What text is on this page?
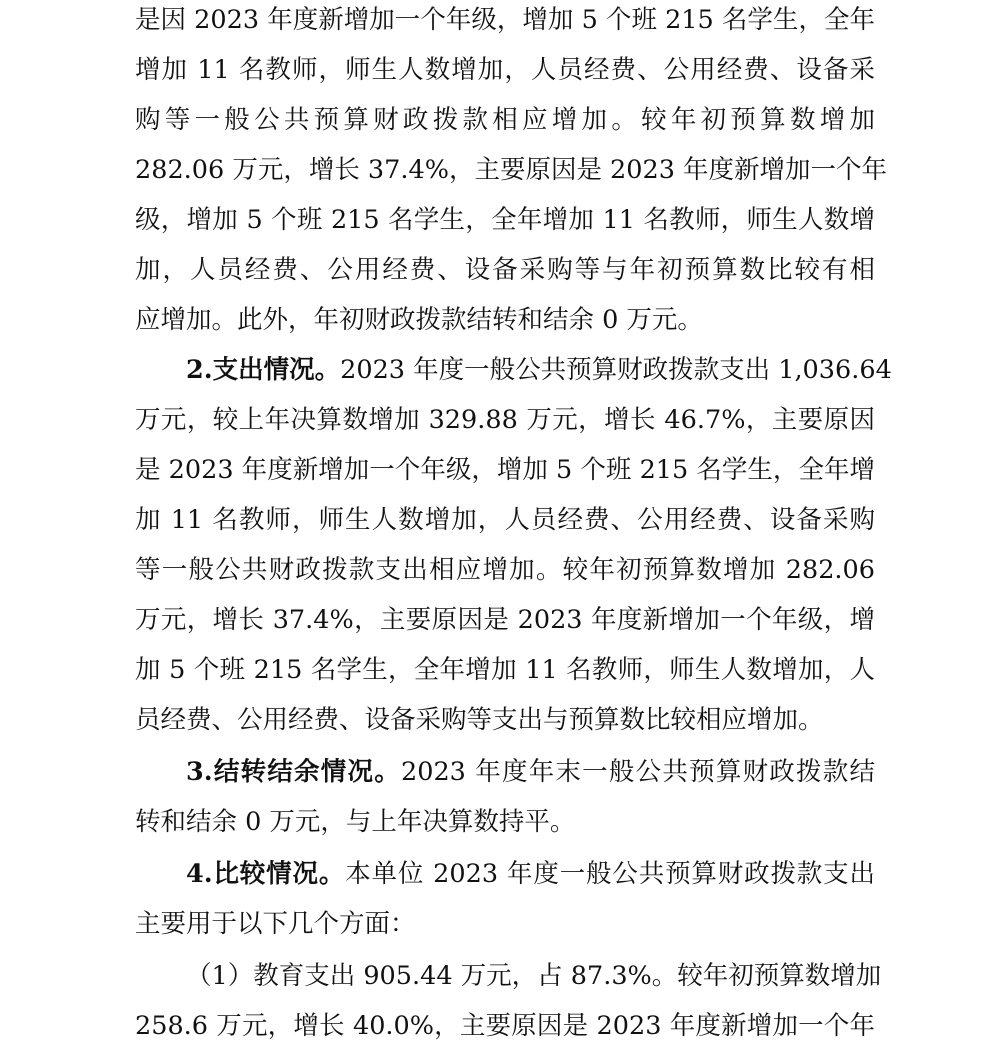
是因 2023 年度新增加一个年级，增加 5 个班 215 名学生，全年
增加 11 名教师，师生人数增加，人员经费、公用经费、设备采
购等一般公共预算财政拨款相应增加。较年初预算数增加
282.06 万元，增长 37.4%，主要原因是 2023 年度新增加一个年
级，增加 5 个班 215 名学生，全年增加 11 名教师，师生人数增
加，人员经费、公用经费、设备采购等与年初预算数比较有相
应增加。此外，年初财政拨款结转和结余 0 万元。
2.支出情况。2023 年度一般公共预算财政拨款支出 1,036.64
万元，较上年决算数增加 329.88 万元，增长 46.7%，主要原因
是 2023 年度新增加一个年级，增加 5 个班 215 名学生，全年增
加 11 名教师，师生人数增加，人员经费、公用经费、设备采购
等一般公共财政拨款支出相应增加。较年初预算数增加 282.06
万元，增长 37.4%，主要原因是 2023 年度新增加一个年级，增
加 5 个班 215 名学生，全年增加 11 名教师，师生人数增加，人
员经费、公用经费、设备采购等支出与预算数比较相应增加。
3.结转结余情况。2023 年度年末一般公共预算财政拨款结
转和结余 0 万元，与上年决算数持平。
4.比较情况。本单位 2023 年度一般公共预算财政拨款支出
主要用于以下几个方面：
（1）教育支出 905.44 万元，占 87.3%。较年初预算数增加
258.6 万元，增长 40.0%，主要原因是 2023 年度新增加一个年
